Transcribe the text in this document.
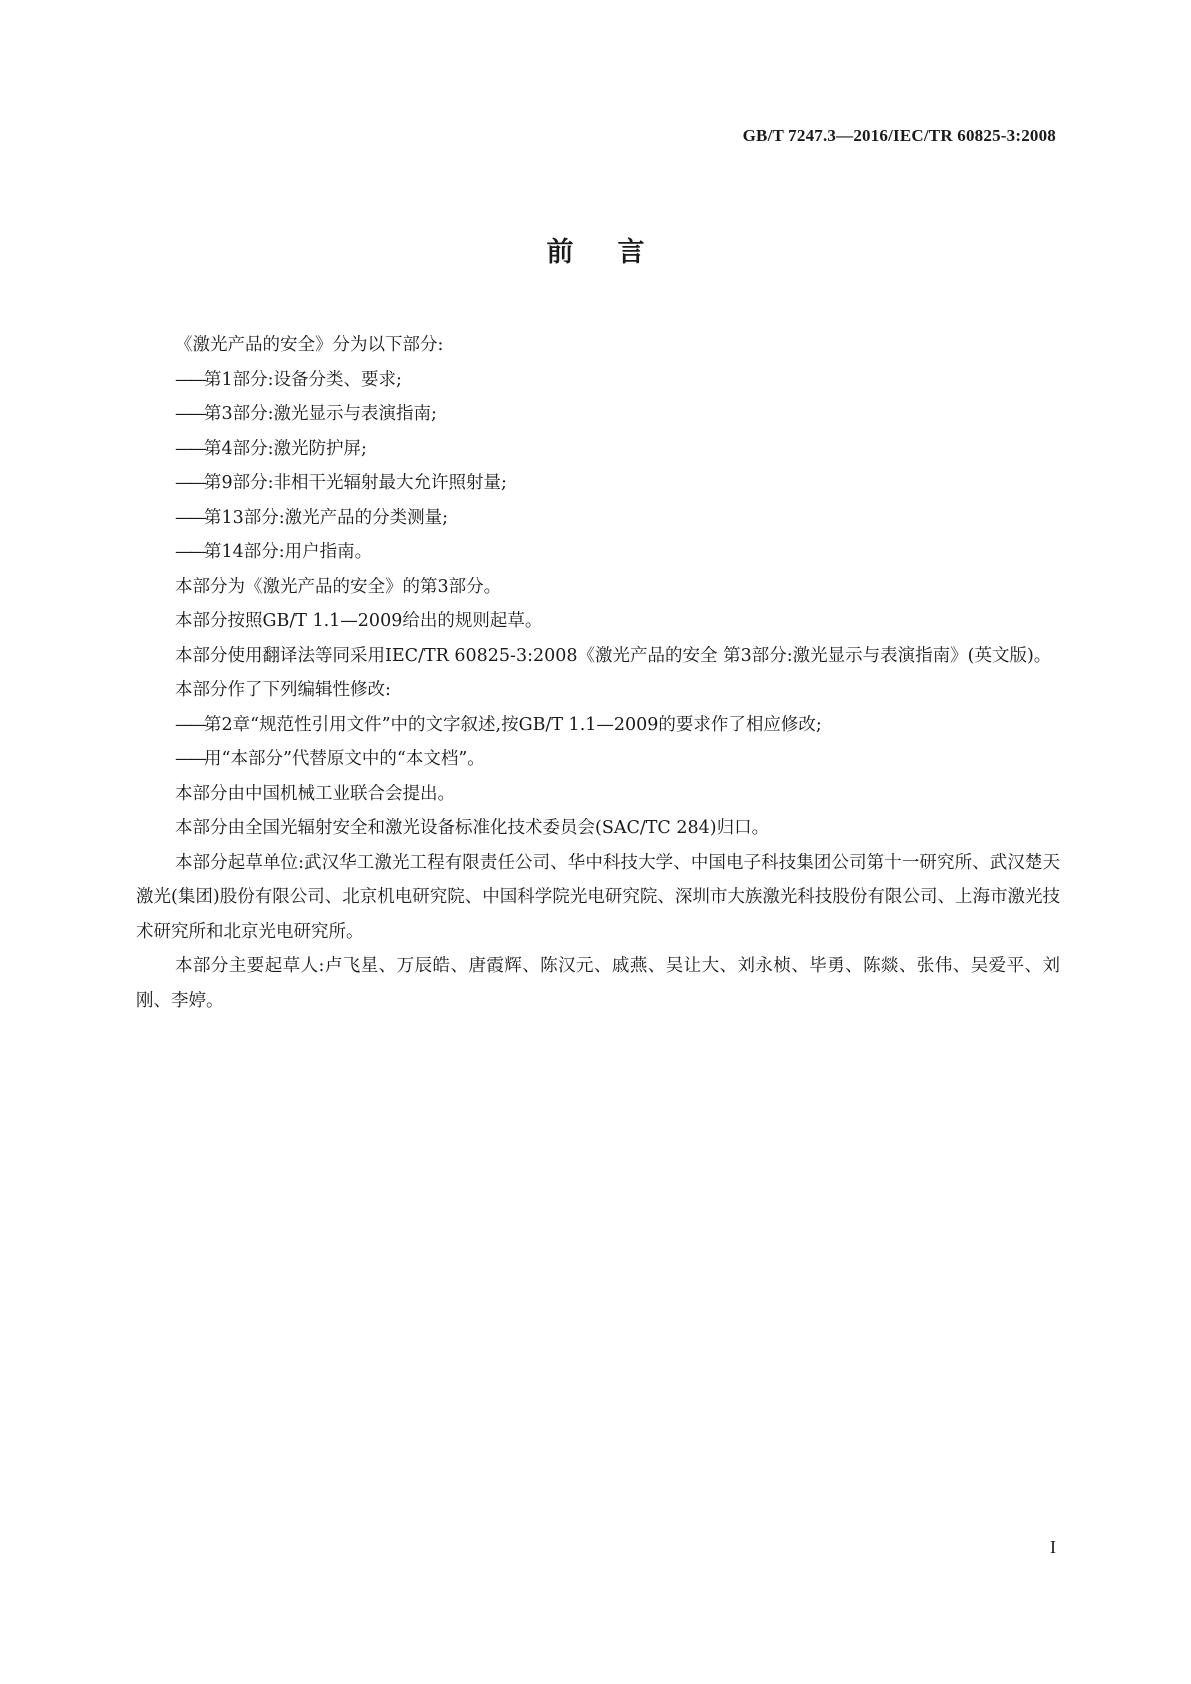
GB/T 7247.3—2016/IEC/TR 60825-3:2008
前言

《激光产品的安全》分为以下部分:

——第1部分:设备分类、要求;

——第3部分:激光显示与表演指南;

——第4部分:激光防护屏;

——第9部分:非相干光辐射最大允许照射量;

——第13部分:激光产品的分类测量;

——第14部分:用户指南。

本部分为《激光产品的安全》的第3部分。

本部分按照GB/T 1.1—2009给出的规则起草。

本部分使用翻译法等同采用IEC/TR 60825-3:2008《激光产品的安全 第3部分:激光显示与表演指南》(英文版)。

本部分作了下列编辑性修改:

——第2章“规范性引用文件”中的文字叙述,按GB/T 1.1—2009的要求作了相应修改;

——用“本部分”代替原文中的“本文档”。

本部分由中国机械工业联合会提出。

本部分由全国光辐射安全和激光设备标准化技术委员会(SAC/TC 284)归口。

本部分起草单位:武汉华工激光工程有限责任公司、华中科技大学、中国电子科技集团公司第十一研究所、武汉楚天激光(集团)股份有限公司、北京机电研究院、中国科学院光电研究院、深圳市大族激光科技股份有限公司、上海市激光技术研究所和北京光电研究所。

本部分主要起草人:卢飞星、万辰皓、唐霞辉、陈汉元、戚燕、吴让大、刘永桢、毕勇、陈燚、张伟、吴爱平、刘刚、李婷。

I
